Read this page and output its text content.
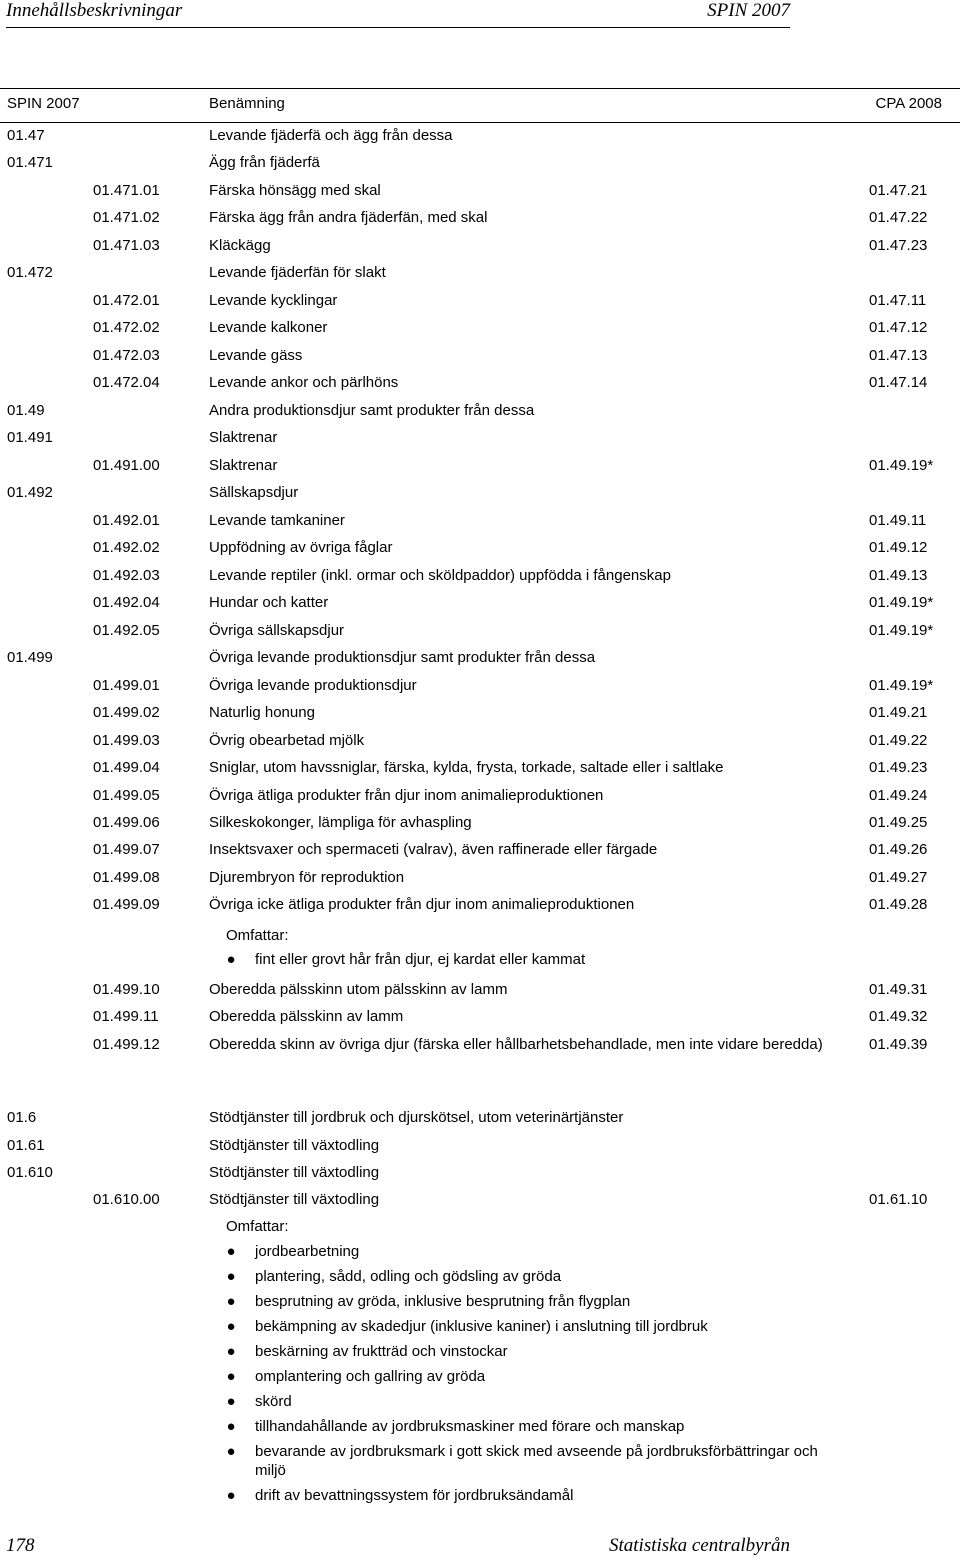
Innehållsbeskrivningar	SPIN 2007
SPIN 2007	Benämning	CPA 2008
01.47	Levande fjäderfä och ägg från dessa
01.471	Ägg från fjäderfä
01.471.01	Färska hönsägg med skal	01.47.21
01.471.02	Färska ägg från andra fjäderfän, med skal	01.47.22
01.471.03	Kläckägg	01.47.23
01.472	Levande fjäderfän för slakt
01.472.01	Levande kycklingar	01.47.11
01.472.02	Levande kalkoner	01.47.12
01.472.03	Levande gäss	01.47.13
01.472.04	Levande ankor och pärlhöns	01.47.14
01.49	Andra produktionsdjur samt produkter från dessa
01.491	Slaktrenar
01.491.00	Slaktrenar	01.49.19*
01.492	Sällskapsdjur
01.492.01	Levande tamkaniner	01.49.11
01.492.02	Uppfödning av övriga fåglar	01.49.12
01.492.03	Levande reptiler (inkl. ormar och sköldpaddor) uppfödda i fångenskap	01.49.13
01.492.04	Hundar och katter	01.49.19*
01.492.05	Övriga sällskapsdjur	01.49.19*
01.499	Övriga levande produktionsdjur samt produkter från dessa
01.499.01	Övriga levande produktionsdjur	01.49.19*
01.499.02	Naturlig honung	01.49.21
01.499.03	Övrig obearbetad mjölk	01.49.22
01.499.04	Sniglar, utom havssniglar, färska, kylda, frysta, torkade, saltade eller i saltlake	01.49.23
01.499.05	Övriga ätliga produkter från djur inom animalieproduktionen	01.49.24
01.499.06	Silkeskokonger, lämpliga för avhaspling	01.49.25
01.499.07	Insektsvaxer och spermaceti (valrav), även raffinerade eller färgade	01.49.26
01.499.08	Djurembryon för reproduktion	01.49.27
01.499.09	Övriga icke ätliga produkter från djur inom animalieproduktionen	01.49.28
01.499.10	Oberedda pälsskinn utom pälsskinn av lamm	01.49.31
01.499.11	Oberedda pälsskinn av lamm	01.49.32
01.499.12	Oberedda skinn av övriga djur (färska eller hållbarhetsbehandlade, men inte vidare beredda)	01.49.39
01.6	Stödtjänster till jordbruk och djurskötsel, utom veterinärtjänster
01.61	Stödtjänster till växtodling
01.610	Stödtjänster till växtodling
01.610.00	Stödtjänster till växtodling	01.61.10
Omfattar:
● fint eller grovt hår från djur, ej kardat eller kammat
Omfattar:
● jordbearbetning
● plantering, sådd, odling och gödsling av gröda
● besprutning av gröda, inklusive besprutning från flygplan
● bekämpning av skadedjur (inklusive kaniner) i anslutning till jordbruk
● beskärning av fruktträd och vinstockar
● omplantering och gallring av gröda
● skörd
● tillhandahållande av jordbruksmaskiner med förare och manskap
● bevarande av jordbruksmark i gott skick med avseende på jordbruksförbättringar och miljö
● drift av bevattningssystem för jordbruksändamål
178	Statistiska centralbyrån
